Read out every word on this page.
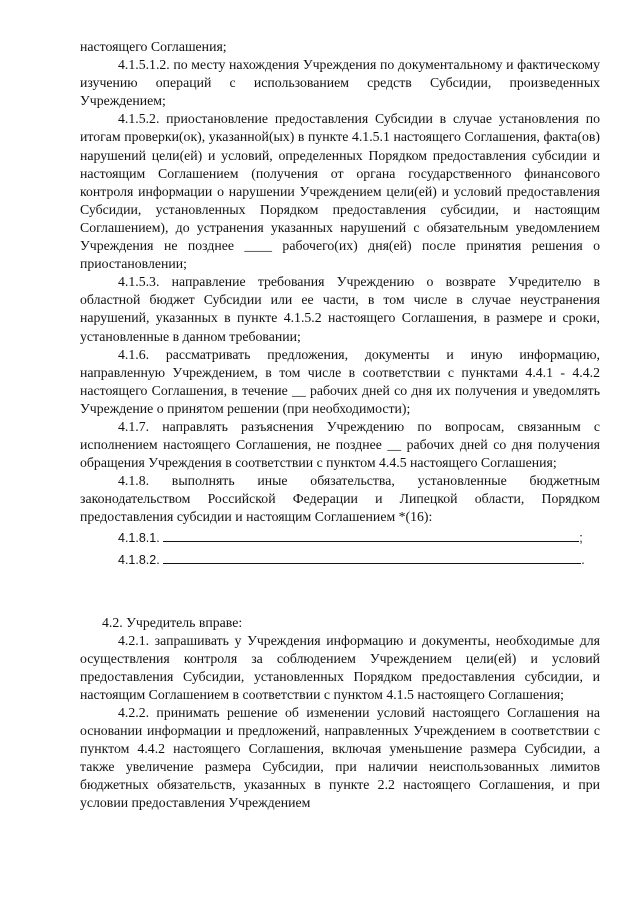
настоящего Соглашения;

4.1.5.1.2. по месту нахождения Учреждения по документальному и фактическому изучению операций с использованием средств Субсидии, произведенных Учреждением;

4.1.5.2. приостановление предоставления Субсидии в случае установления по итогам проверки(ок), указанной(ых) в пункте 4.1.5.1 настоящего Соглашения, факта(ов) нарушений цели(ей) и условий, определенных Порядком предоставления субсидии и настоящим Соглашением (получения от органа государственного финансового контроля информации о нарушении Учреждением цели(ей) и условий предоставления Субсидии, установленных Порядком предоставления субсидии, и настоящим Соглашением), до устранения указанных нарушений с обязательным уведомлением Учреждения не позднее ____ рабочего(их) дня(ей) после принятия решения о приостановлении;

4.1.5.3. направление требования Учреждению о возврате Учредителю в областной бюджет Субсидии или ее части, в том числе в случае неустранения нарушений, указанных в пункте 4.1.5.2 настоящего Соглашения, в размере и сроки, установленные в данном требовании;

4.1.6. рассматривать предложения, документы и иную информацию, направленную Учреждением, в том числе в соответствии с пунктами 4.4.1 - 4.4.2 настоящего Соглашения, в течение __ рабочих дней со дня их получения и уведомлять Учреждение о принятом решении (при необходимости);

4.1.7. направлять разъяснения Учреждению по вопросам, связанным с исполнением настоящего Соглашения, не позднее __ рабочих дней со дня получения обращения Учреждения в соответствии с пунктом 4.4.5 настоящего Соглашения;

4.1.8. выполнять иные обязательства, установленные бюджетным законодательством Российской Федерации и Липецкой области, Порядком предоставления субсидии и настоящим Соглашением *(16):

4.1.8.1.	;
4.1.8.2.	.

4.2. Учредитель вправе:

4.2.1. запрашивать у Учреждения информацию и документы, необходимые для осуществления контроля за соблюдением Учреждением цели(ей) и условий предоставления Субсидии, установленных Порядком предоставления субсидии, и настоящим Соглашением в соответствии с пунктом 4.1.5 настоящего Соглашения;

4.2.2. принимать решение об изменении условий настоящего Соглашения на основании информации и предложений, направленных Учреждением в соответствии с пунктом 4.4.2 настоящего Соглашения, включая уменьшение размера Субсидии, а также увеличение размера Субсидии, при наличии неиспользованных лимитов бюджетных обязательств, указанных в пункте 2.2 настоящего Соглашения, и при условии предоставления Учреждением
